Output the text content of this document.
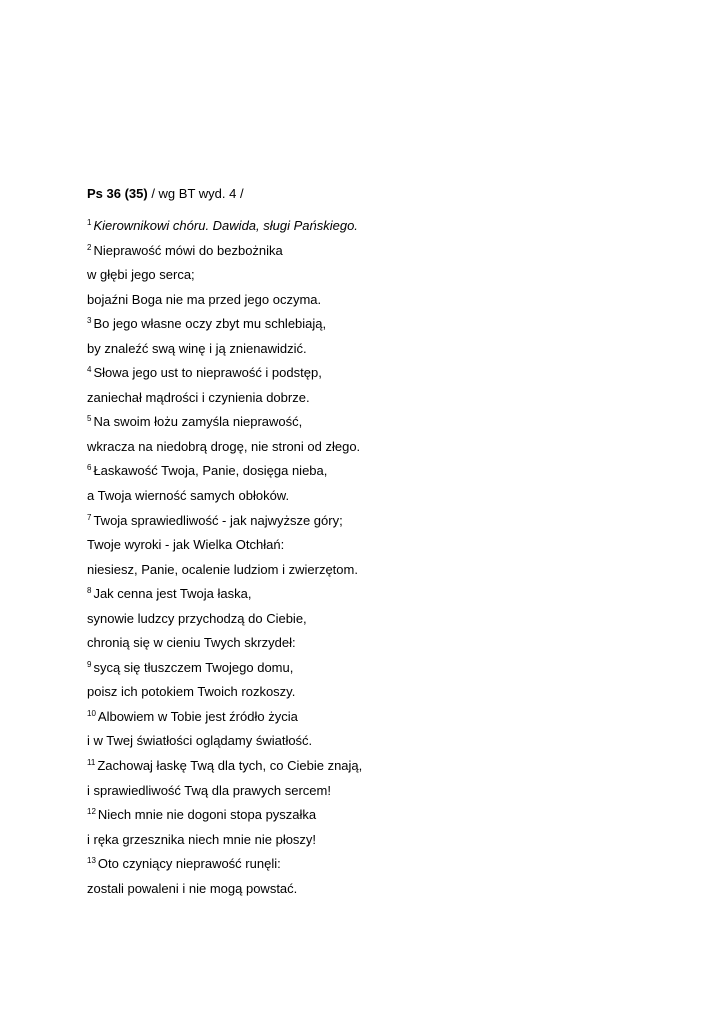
Ps 36 (35) / wg BT wyd. 4 /
$^1$ Kierownikowi chóru. Dawida, sługi Pańskiego.
$^2$ Nieprawość mówi do bezbożnika
w głębi jego serca;
bojaźni Boga nie ma przed jego oczyma.
$^3$ Bo jego własne oczy zbyt mu schlebiają,
by znaleźć swą winę i ją znienawidzić.
$^4$ Słowa jego ust to nieprawość i podstęp,
zaniechał mądrości i czynienia dobrze.
$^5$ Na swoim łożu zamyśla nieprawość,
wkracza na niedobrą drogę, nie stroni od złego.
$^6$ Łaskawość Twoja, Panie, dosięga nieba,
a Twoja wierność samych obłoków.
$^7$ Twoja sprawiedliwość - jak najwyższe góry;
Twoje wyroki - jak Wielka Otchłań:
niesiesz, Panie, ocalenie ludziom i zwierzętom.
$^8$ Jak cenna jest Twoja łaska,
synowie ludzcy przychodzą do Ciebie,
chronią się w cieniu Twych skrzydeł:
$^9$ sycą się tłuszczem Twojego domu,
poisz ich potokiem Twoich rozkoszy.
$^{10}$ Albowiem w Tobie jest źródło życia
i w Twej światłości oglądamy światłość.
$^{11}$ Zachowaj łaskę Twą dla tych, co Ciebie znają,
i sprawiedliwość Twą dla prawych sercem!
$^{12}$ Niech mnie nie dogoni stopa pyszałka
i ręka grzesznika niech mnie nie płoszy!
$^{13}$ Oto czyniący nieprawość runęli:
zostali powaleni i nie mogą powstać.
